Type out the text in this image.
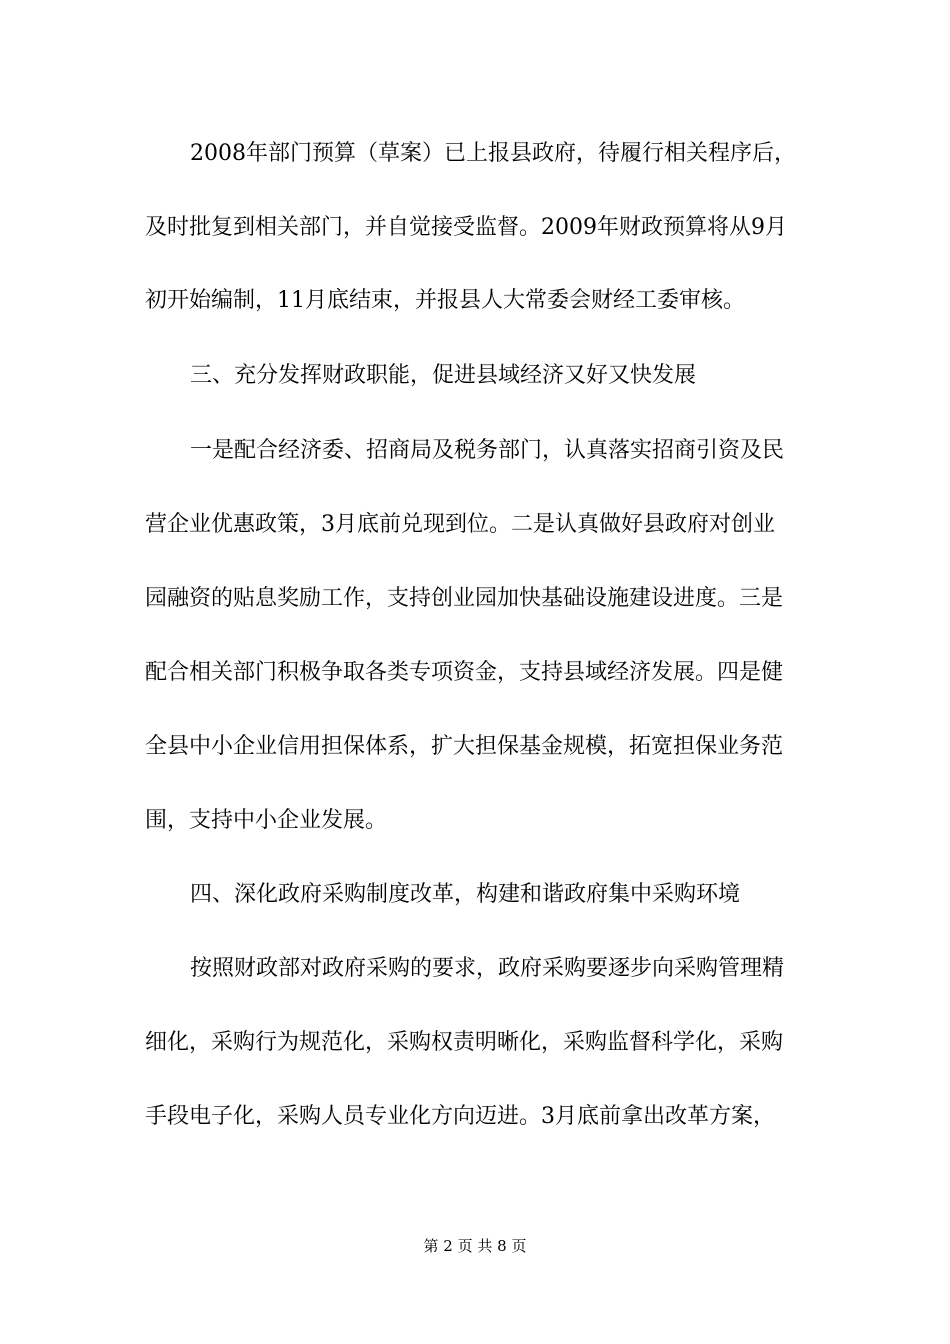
2008年部门预算（草案）已上报县政府，待履行相关程序后，
及时批复到相关部门，并自觉接受监督。2009年财政预算将从9月
初开始编制，11月底结束，并报县人大常委会财经工委审核。
三、充分发挥财政职能，促进县域经济又好又快发展
一是配合经济委、招商局及税务部门，认真落实招商引资及民
营企业优惠政策，3月底前兑现到位。二是认真做好县政府对创业
园融资的贴息奖励工作，支持创业园加快基础设施建设进度。三是
配合相关部门积极争取各类专项资金，支持县域经济发展。四是健
全县中小企业信用担保体系，扩大担保基金规模，拓宽担保业务范
围，支持中小企业发展。
四、深化政府采购制度改革，构建和谐政府集中采购环境
按照财政部对政府采购的要求，政府采购要逐步向采购管理精
细化，采购行为规范化，采购权责明晰化，采购监督科学化，采购
手段电子化，采购人员专业化方向迈进。3月底前拿出改革方案，
第 2 页 共 8 页
